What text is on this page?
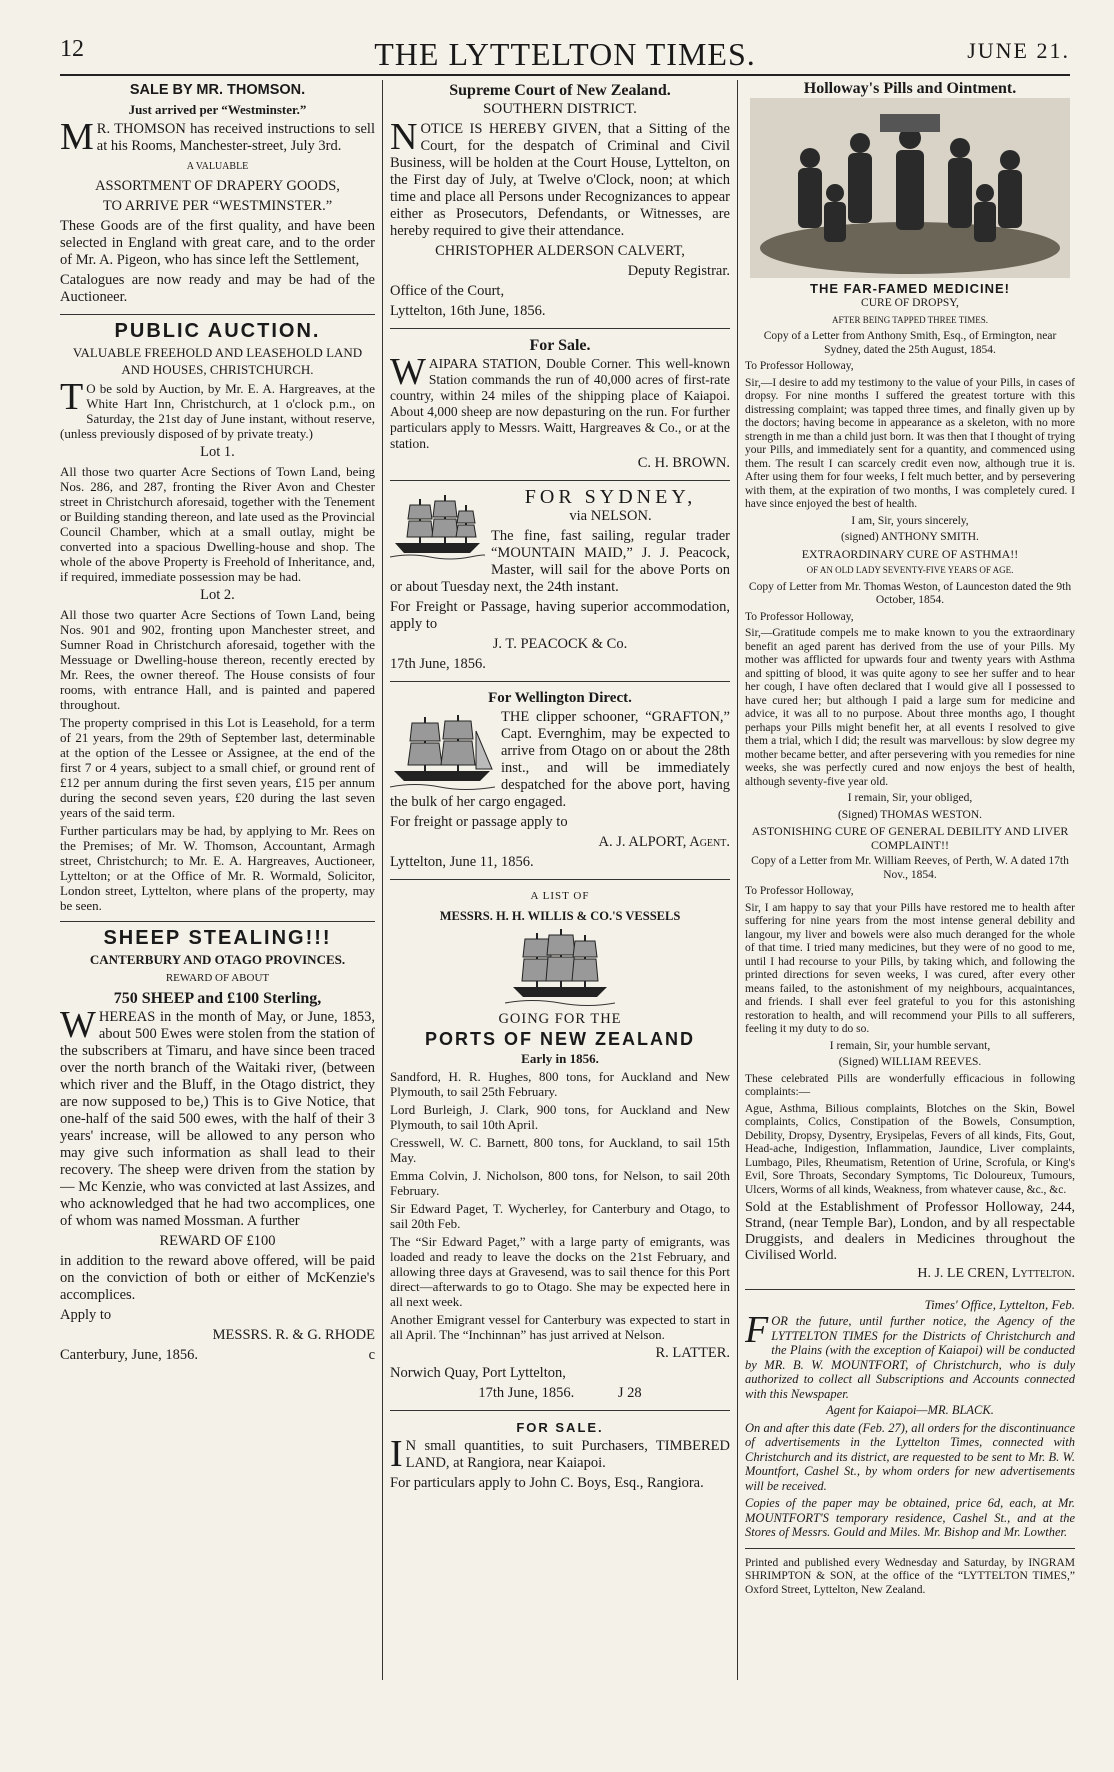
12	THE LYTTELTON TIMES.	JUNE 21.

SALE BY MR. THOMSON.

Just arrived per “Westminster.”

MR. THOMSON has received instructions to sell at his Rooms, Manchester-street, July 3rd.

A VALUABLE

ASSORTMENT OF DRAPERY GOODS,

TO ARRIVE PER “WESTMINSTER.”

These Goods are of the first quality, and have been selected in England with great care, and to the order of Mr. A. Pigeon, who has since left the Settlement,

Catalogues are now ready and may be had of the Auctioneer.

PUBLIC AUCTION.

VALUABLE FREEHOLD AND LEASEHOLD LAND AND HOUSES, CHRISTCHURCH.

TO be sold by Auction, by Mr. E. A. Hargreaves, at the White Hart Inn, Christchurch, at 1 o'clock p.m., on Saturday, the 21st day of June instant, without reserve, (unless previously disposed of by private treaty.)

Lot 1.

All those two quarter Acre Sections of Town Land, being Nos. 286, and 287, fronting the River Avon and Chester street in Christchurch aforesaid, together with the Tenement or Building standing thereon, and late used as the Provincial Council Chamber, which at a small outlay, might be converted into a spacious Dwelling-house and shop. The whole of the above Property is Freehold of Inheritance, and, if required, immediate possession may be had.

Lot 2.

All those two quarter Acre Sections of Town Land, being Nos. 901 and 902, fronting upon Manchester street, and Sumner Road in Christchurch aforesaid, together with the Messuage or Dwelling-house thereon, recently erected by Mr. Rees, the owner thereof. The House consists of four rooms, with entrance Hall, and is painted and papered throughout.

The property comprised in this Lot is Leasehold, for a term of 21 years, from the 29th of September last, determinable at the option of the Lessee or Assignee, at the end of the first 7 or 4 years, subject to a small chief, or ground rent of £12 per annum during the first seven years, £15 per annum during the second seven years, £20 during the last seven years of the said term.

Further particulars may be had, by applying to Mr. Rees on the Premises; of Mr. W. Thomson, Accountant, Armagh street, Christchurch; to Mr. E. A. Hargreaves, Auctioneer, Lyttelton; or at the Office of Mr. R. Wormald, Solicitor, London street, Lyttelton, where plans of the property, may be seen.

SHEEP STEALING!!!

CANTERBURY AND OTAGO PROVINCES.

REWARD OF ABOUT

750 SHEEP and £100 Sterling,

WHEREAS in the month of May, or June, 1853, about 500 Ewes were stolen from the station of the subscribers at Timaru, and have since been traced over the north branch of the Waitaki river, (between which river and the Bluff, in the Otago district, they are now supposed to be,) This is to Give Notice, that one-half of the said 500 ewes, with the half of their 3 years' increase, will be allowed to any person who may give such information as shall lead to their recovery. The sheep were driven from the station by — Mc Kenzie, who was convicted at last Assizes, and who acknowledged that he had two accomplices, one of whom was named Mossman. A further

REWARD OF £100

in addition to the reward above offered, will be paid on the conviction of both or either of McKenzie's accomplices.

Apply to

MESSRS. R. & G. RHODE

Canterbury, June, 1856.	c

Supreme Court of New Zealand.

SOUTHERN DISTRICT.

NOTICE IS HEREBY GIVEN, that a Sitting of the Court, for the despatch of Criminal and Civil Business, will be holden at the Court House, Lyttelton, on the First day of July, at Twelve o'Clock, noon; at which time and place all Persons under Recognizances to appear either as Prosecutors, Defendants, or Witnesses, are hereby required to give their attendance.

CHRISTOPHER ALDERSON CALVERT,

Deputy Registrar.

Office of the Court,

Lyttelton, 16th June, 1856.

For Sale.

WAIPARA STATION, Double Corner. This well-known Station commands the run of 40,000 acres of first-rate country, within 24 miles of the shipping place of Kaiapoi. About 4,000 sheep are now depasturing on the run. For further particulars apply to Messrs. Waitt, Hargreaves & Co., or at the station.

C. H. BROWN.

FOR SYDNEY,

via NELSON.

The fine, fast sailing, regular trader “MOUNTAIN MAID,” J. J. Peacock, Master, will sail for the above Ports on or about Tuesday next, the 24th instant.

For Freight or Passage, having superior accommodation, apply to

J. T. PEACOCK & Co.

17th June, 1856.

For Wellington Direct.

THE clipper schooner, “GRAFTON,” Capt. Evernghim, may be expected to arrive from Otago on or about the 28th inst., and will be immediately despatched for the above port, having the bulk of her cargo engaged.

For freight or passage apply to

A. J. ALPORT, Agent.

Lyttelton, June 11, 1856.

A LIST OF

MESSRS. H. H. WILLIS & CO.'S VESSELS

GOING FOR THE

PORTS OF NEW ZEALAND

Early in 1856.

Sandford, H. R. Hughes, 800 tons, for Auckland and New Plymouth, to sail 25th February.

Lord Burleigh, J. Clark, 900 tons, for Auckland and New Plymouth, to sail 10th April.

Cresswell, W. C. Barnett, 800 tons, for Auckland, to sail 15th May.

Emma Colvin, J. Nicholson, 800 tons, for Nelson, to sail 20th February.

Sir Edward Paget, T. Wycherley, for Canterbury and Otago, to sail 20th Feb.

The “Sir Edward Paget,” with a large party of emigrants, was loaded and ready to leave the docks on the 21st February, and allowing three days at Gravesend, was to sail thence for this Port direct—afterwards to go to Otago. She may be expected here in all next week.

Another Emigrant vessel for Canterbury was expected to start in all April. The “Inchinnan” has just arrived at Nelson.

R. LATTER.

Norwich Quay, Port Lyttelton,

17th June, 1856.	J 28

FOR SALE.

IN small quantities, to suit Purchasers, TIMBERED LAND, at Rangiora, near Kaiapoi.

For particulars apply to John C. Boys, Esq., Rangiora.

Holloway's Pills and Ointment.

THE FAR-FAMED MEDICINE!

CURE OF DROPSY,

AFTER BEING TAPPED THREE TIMES.

Copy of a Letter from Anthony Smith, Esq., of Ermington, near Sydney, dated the 25th August, 1854.

To Professor Holloway,

Sir,—I desire to add my testimony to the value of your Pills, in cases of dropsy. For nine months I suffered the greatest torture with this distressing complaint; was tapped three times, and finally given up by the doctors; having become in appearance as a skeleton, with no more strength in me than a child just born. It was then that I thought of trying your Pills, and immediately sent for a quantity, and commenced using them. The result I can scarcely credit even now, although true it is. After using them for four weeks, I felt much better, and by persevering with them, at the expiration of two months, I was completely cured. I have since enjoyed the best of health.

I am, Sir, yours sincerely,

(signed) ANTHONY SMITH.

EXTRAORDINARY CURE OF ASTHMA!!

OF AN OLD LADY SEVENTY-FIVE YEARS OF AGE.

Copy of Letter from Mr. Thomas Weston, of Launceston dated the 9th October, 1854.

To Professor Holloway,

Sir,—Gratitude compels me to make known to you the extraordinary benefit an aged parent has derived from the use of your Pills. My mother was afflicted for upwards four and twenty years with Asthma and spitting of blood, it was quite agony to see her suffer and to hear her cough, I have often declared that I would give all I possessed to have cured her; but although I paid a large sum for medicine and advice, it was all to no purpose. About three months ago, I thought perhaps your Pills might benefit her, at all events I resolved to give them a trial, which I did; the result was marvellous: by slow degree my mother became better, and after persevering with you remedies for nine weeks, she was perfectly cured and now enjoys the best of health, although seventy-five year old.

I remain, Sir, your obliged,

(Signed) THOMAS WESTON.

ASTONISHING CURE OF GENERAL DEBILITY AND LIVER COMPLAINT!!

Copy of a Letter from Mr. William Reeves, of Perth, W. A dated 17th Nov., 1854.

To Professor Holloway,

Sir, I am happy to say that your Pills have restored me to health after suffering for nine years from the most intense general debility and langour, my liver and bowels were also much deranged for the whole of that time. I tried many medicines, but they were of no good to me, until I had recourse to your Pills, by taking which, and following the printed directions for seven weeks, I was cured, after every other means failed, to the astonishment of my neighbours, acquaintances, and friends. I shall ever feel grateful to you for this astonishing restoration to health, and will recommend your Pills to all sufferers, feeling it my duty to do so.

I remain, Sir, your humble servant,

(Signed) WILLIAM REEVES.

These celebrated Pills are wonderfully efficacious in following complaints:—

Ague, Asthma, Bilious complaints, Blotches on the Skin, Bowel complaints, Colics, Constipation of the Bowels, Consumption, Debility, Dropsy, Dysentry, Erysipelas, Fevers of all kinds, Fits, Gout, Head-ache, Indigestion, Inflammation, Jaundice, Liver complaints, Lumbago, Piles, Rheumatism, Retention of Urine, Scrofula, or King's Evil, Sore Throats, Secondary Symptoms, Tic Doloureux, Tumours, Ulcers, Worms of all kinds, Weakness, from whatever cause, &c., &c.

Sold at the Establishment of Professor Holloway, 244, Strand, (near Temple Bar), London, and by all respectable Druggists, and dealers in Medicines throughout the Civilised World.

H. J. LE CREN, Lyttelton.

Times' Office, Lyttelton, Feb.

FOR the future, until further notice, the Agency of the LYTTELTON TIMES for the Districts of Christchurch and the Plains (with the exception of Kaiapoi) will be conducted by MR. B. W. MOUNTFORT, of Christchurch, who is duly authorized to collect all Subscriptions and Accounts connected with this Newspaper.

Agent for Kaiapoi—MR. BLACK.

On and after this date (Feb. 27), all orders for the discontinuance of advertisements in the Lyttelton Times, connected with Christchurch and its district, are requested to be sent to Mr. B. W. Mountfort, Cashel St., by whom orders for new advertisements will be received.

Copies of the paper may be obtained, price 6d, each, at Mr. MOUNTFORT'S temporary residence, Cashel St., and at the Stores of Messrs. Gould and Miles. Mr. Bishop and Mr. Lowther.

Printed and published every Wednesday and Saturday, by INGRAM SHRIMPTON & SON, at the office of the “LYTTELTON TIMES,” Oxford Street, Lyttelton, New Zealand.
